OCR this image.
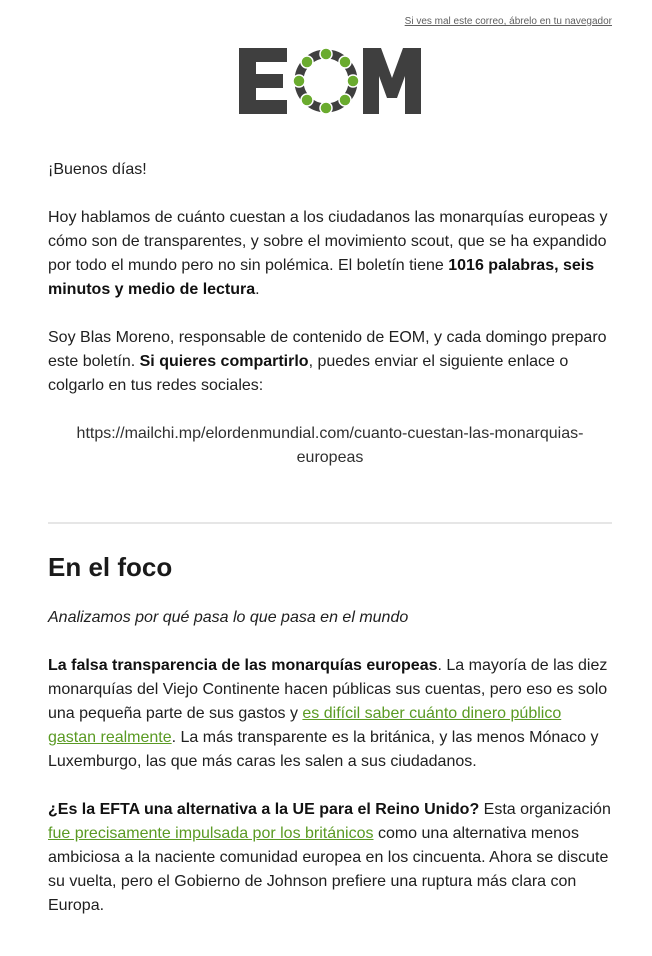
Si ves mal este correo, ábrelo en tu navegador

¡Buenos días!

Hoy hablamos de cuánto cuestan a los ciudadanos las monarquías europeas y cómo son de transparentes, y sobre el movimiento scout, que se ha expandido por todo el mundo pero no sin polémica. El boletín tiene 1016 palabras, seis minutos y medio de lectura.

Soy Blas Moreno, responsable de contenido de EOM, y cada domingo preparo este boletín. Si quieres compartirlo, puedes enviar el siguiente enlace o colgarlo en tus redes sociales:

https://mailchi.mp/elordenmundial.com/cuanto-cuestan-las-monarquias-
europeas

En el foco

Analizamos por qué pasa lo que pasa en el mundo

La falsa transparencia de las monarquías europeas. La mayoría de las diez monarquías del Viejo Continente hacen públicas sus cuentas, pero eso es solo una pequeña parte de sus gastos y es difícil saber cuánto dinero público gastan realmente. La más transparente es la británica, y las menos Mónaco y Luxemburgo, las que más caras les salen a sus ciudadanos.

¿Es la EFTA una alternativa a la UE para el Reino Unido? Esta organización fue precisamente impulsada por los británicos como una alternativa menos ambiciosa a la naciente comunidad europea en los cincuenta. Ahora se discute su vuelta, pero el Gobierno de Johnson prefiere una ruptura más clara con Europa.
